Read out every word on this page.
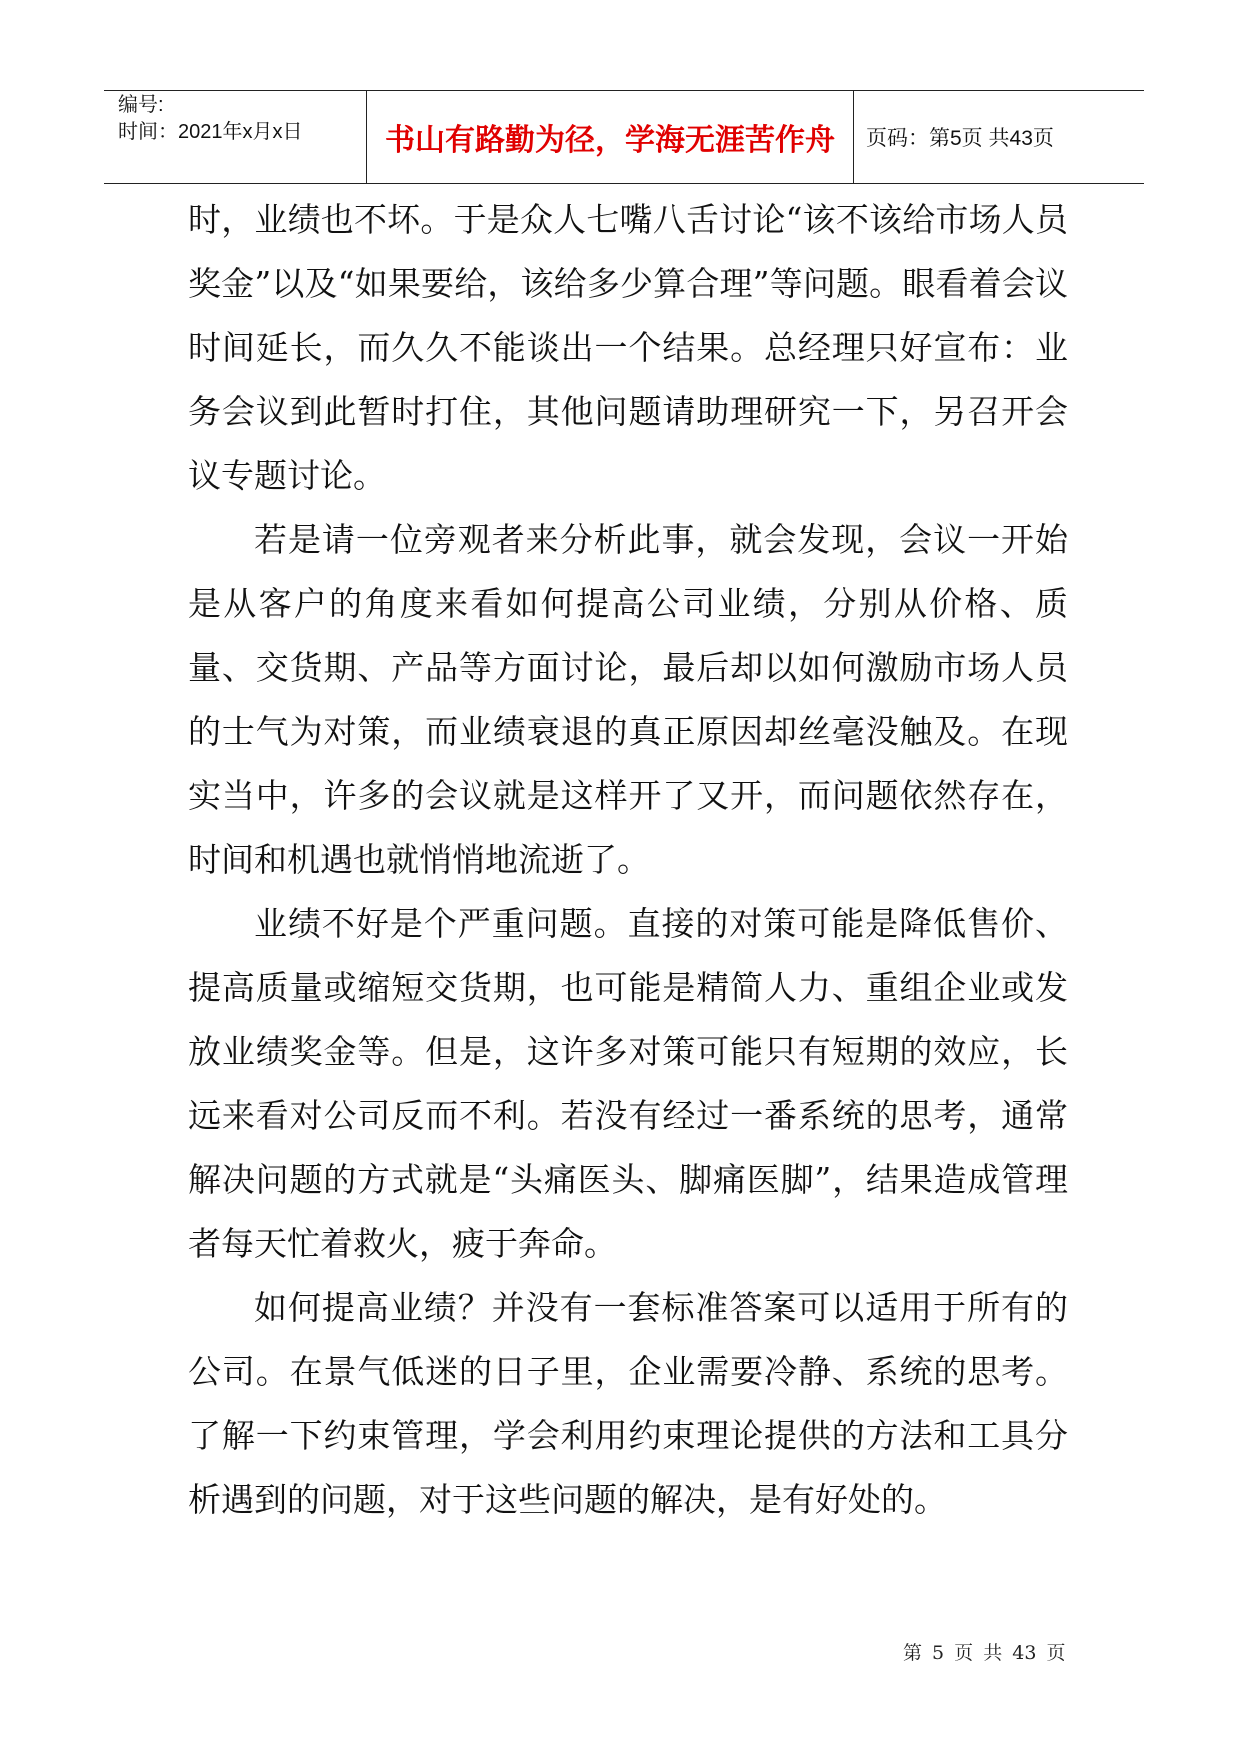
编号:
时间：2021年x月x日	书山有路勤为径，学海无涯苦作舟 页码：第5页 共43页

时，业绩也不坏。于是众人七嘴八舌讨论“该不该给市场人员奖金”以及“如果要给，该给多少算合理”等问题。眼看着会议时间延长，而久久不能谈出一个结果。总经理只好宣布：业务会议到此暂时打住，其他问题请助理研究一下，另召开会议专题讨论。

若是请一位旁观者来分析此事，就会发现，会议一开始是从客户的角度来看如何提高公司业绩，分别从价格、质量、交货期、产品等方面讨论，最后却以如何激励市场人员的士气为对策，而业绩衰退的真正原因却丝毫没触及。在现实当中，许多的会议就是这样开了又开，而问题依然存在，时间和机遇也就悄悄地流逝了。

业绩不好是个严重问题。直接的对策可能是降低售价、提高质量或缩短交货期，也可能是精简人力、重组企业或发放业绩奖金等。但是，这许多对策可能只有短期的效应，长远来看对公司反而不利。若没有经过一番系统的思考，通常解决问题的方式就是“头痛医头、脚痛医脚”，结果造成管理者每天忙着救火，疲于奔命。

如何提高业绩？并没有一套标准答案可以适用于所有的公司。在景气低迷的日子里，企业需要冷静、系统的思考。了解一下约束管理，学会利用约束理论提供的方法和工具分析遇到的问题，对于这些问题的解决，是有好处的。

第 5 页 共 43 页
